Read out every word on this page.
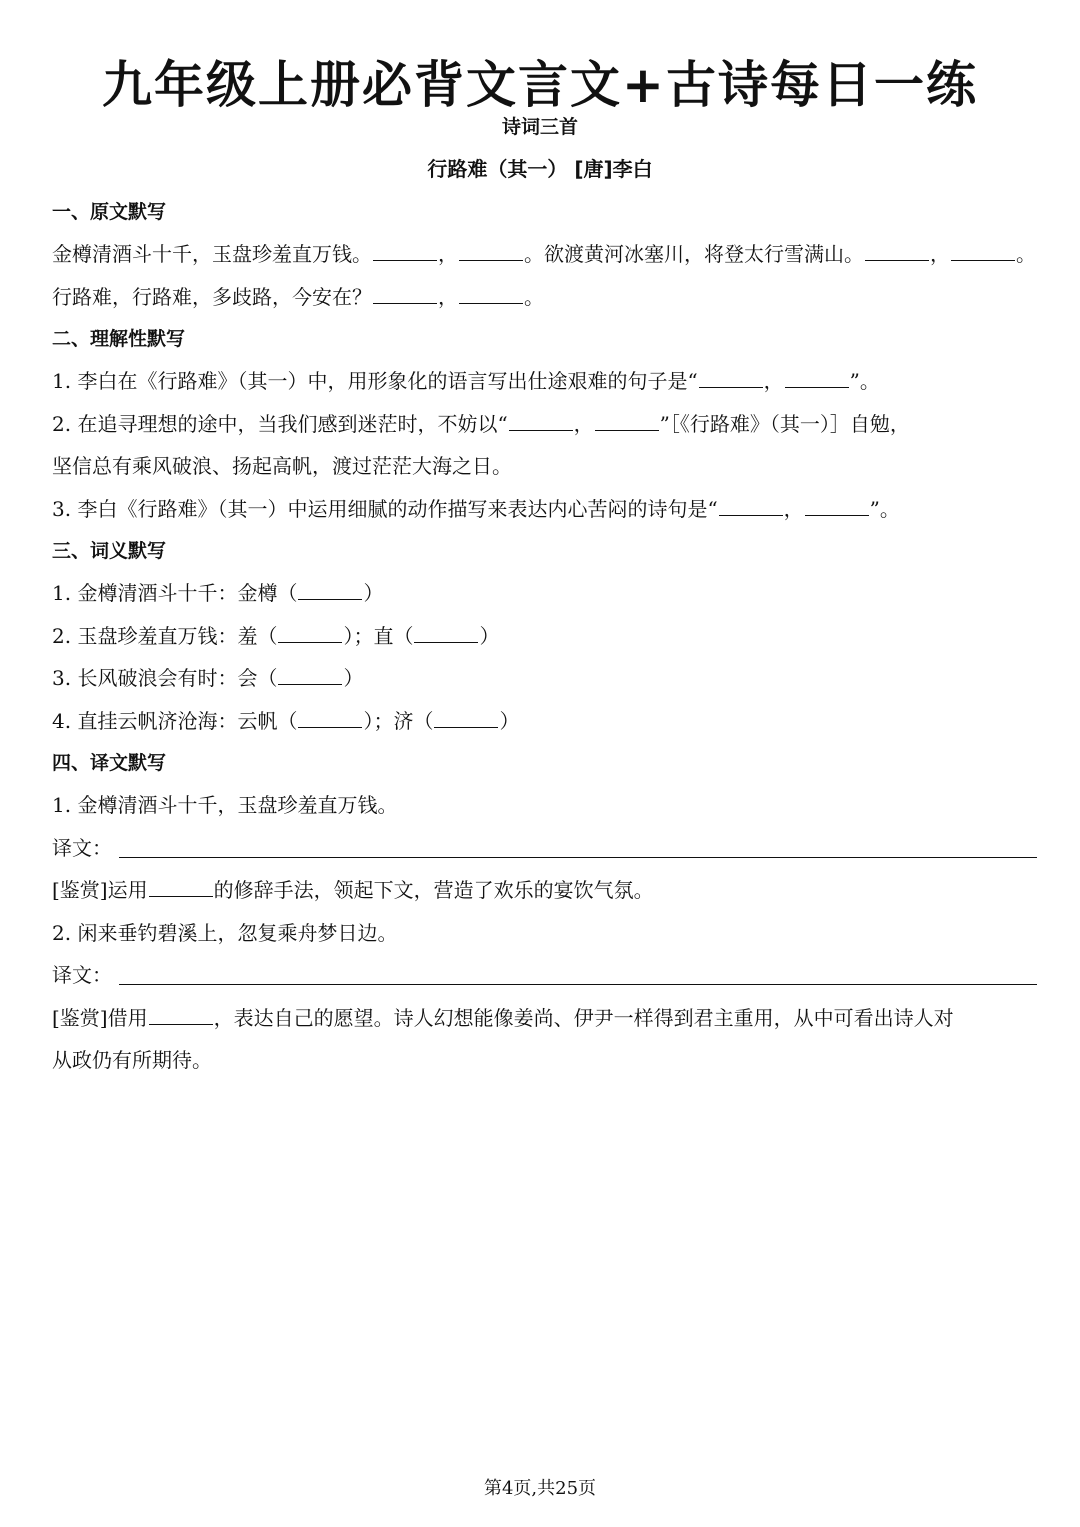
九年级上册必背文言文+古诗每日一练
诗词三首
行路难（其一） [唐]李白
一、原文默写
金樽清酒斗十千，玉盘珍羞直万钱。	，	。欲渡黄河冰塞川，将登太行雪满山。	，	。
行路难，行路难，多歧路，今安在？	，	。
二、理解性默写
1. 李白在《行路难》（其一）中，用形象化的语言写出仕途艰难的句子是“	，	”。
2. 在追寻理想的途中，当我们感到迷茫时，不妨以“	，	”［《行路难》（其一）］自勉，
坚信总有乘风破浪、扬起高帆，渡过茫茫大海之日。
3. 李白《行路难》（其一）中运用细腻的动作描写来表达内心苦闷的诗句是“	，	”。
三、词义默写
1. 金樽清酒斗十千：金樽（	）
2. 玉盘珍羞直万钱：羞（	）；直（	）
3. 长风破浪会有时：会（	）
4. 直挂云帆济沧海：云帆（	）；济（	）
四、译文默写
1. 金樽清酒斗十千，玉盘珍羞直万钱。
译文：
[鉴赏]运用	的修辞手法，领起下文，营造了欢乐的宴饮气氛。
2. 闲来垂钓碧溪上，忽复乘舟梦日边。
译文：
[鉴赏]借用	，表达自己的愿望。诗人幻想能像姜尚、伊尹一样得到君主重用，从中可看出诗人对
从政仍有所期待。
第4页,共25页
